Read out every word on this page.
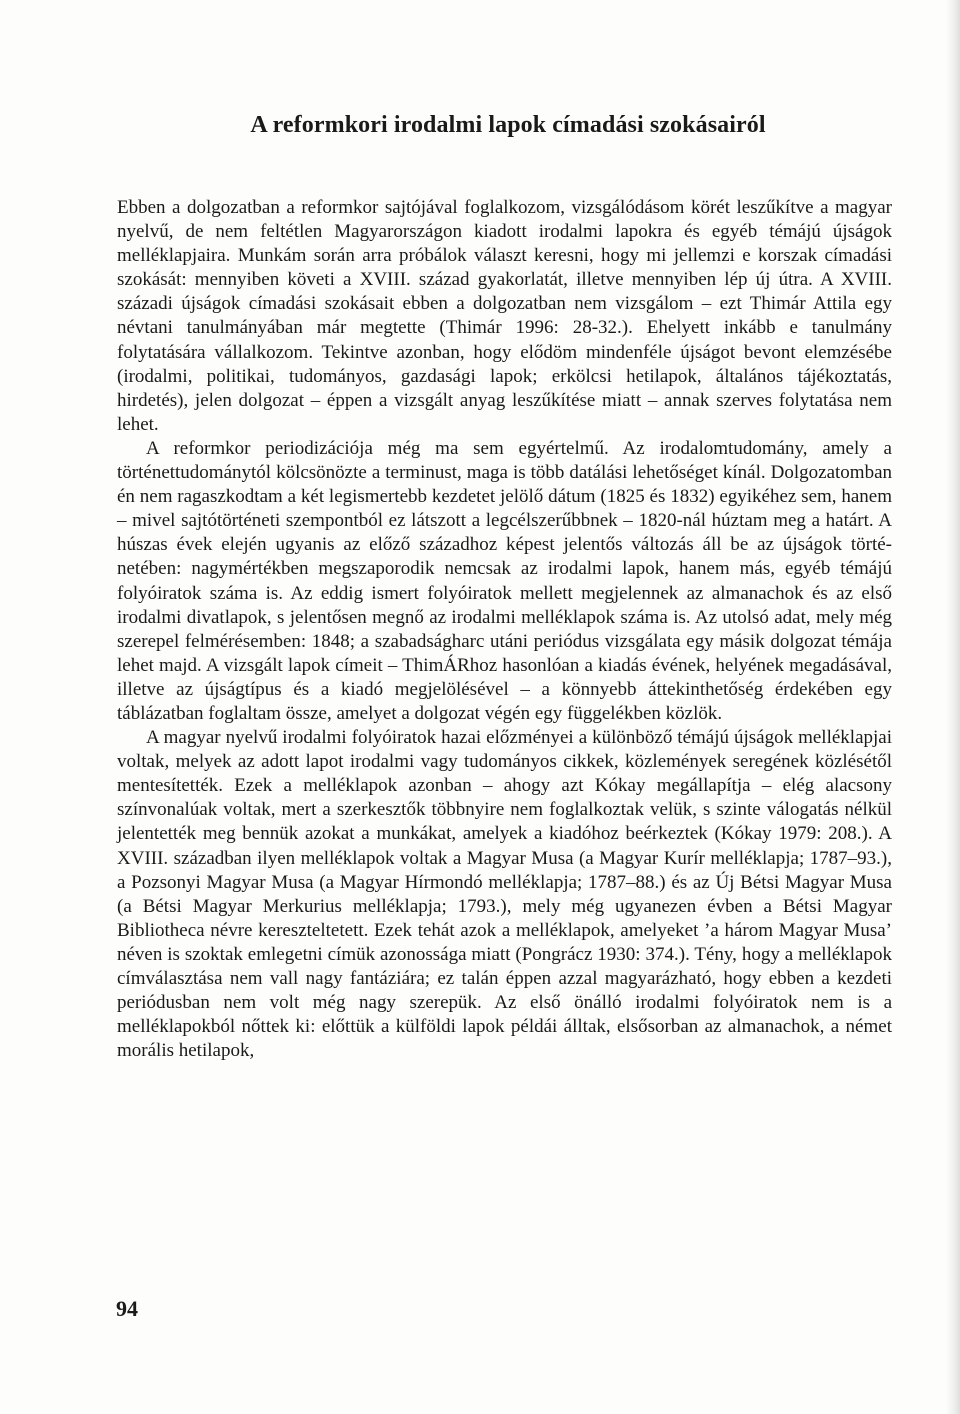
A reformkori irodalmi lapok címadási szokásairól

Ebben a dolgozatban a reformkor sajtójával foglalkozom, vizsgálódásom körét leszűkítve a magyar nyelvű, de nem feltétlen Magyarországon kiadott irodalmi lapokra és egyéb témájú újságok melléklapjaira. Munkám során arra próbálok választ keresni, hogy mi jellemzi e korszak címadási szokását: mennyiben követi a XVIII. század gyakorlatát, illetve mennyiben lép új útra. A XVIII. századi újságok címadási szokásait ebben a dolgozatban nem vizsgálom – ezt Thimár Attila egy névtani tanulmányában már megtette (Thimár 1996: 28-32.). Ehelyett inkább e tanulmány folytatására vállalkozom. Tekintve azonban, hogy elődöm mindenféle újságot bevont elemzésébe (irodalmi, politikai, tudományos, gazdasági lapok; erkölcsi hetilapok, általános tájékoztatás, hirdetés), jelen dolgozat – éppen a vizsgált anyag leszűkítése miatt – annak szerves folytatása nem lehet.

A reformkor periodizációja még ma sem egyértelmű. Az irodalomtudomány, amely a történettudománytól kölcsönözte a terminust, maga is több datálási lehetőséget kínál. Dolgozatomban én nem ragaszkodtam a két legismertebb kezdetet jelölő dátum (1825 és 1832) egyikéhez sem, hanem – mivel sajtótörténeti szempontból ez látszott a legcélszerűbbnek – 1820-nál húztam meg a határt. A húszas évek elején ugyanis az előző századhoz képest jelentős változás áll be az újságok történetében: nagymértékben megszaporodik nemcsak az irodalmi lapok, hanem más, egyéb témájú folyóiratok száma is. Az eddig ismert folyóiratok mellett megjelennek az almanachok és az első irodalmi divatlapok, s jelentősen megnő az irodalmi melléklapok száma is. Az utolsó adat, mely még szerepel felmérésemben: 1848; a szabadságharc utáni periódus vizsgálata egy másik dolgozat témája lehet majd. A vizsgált lapok címeit – ThimÁRhoz hasonlóan a kiadás évének, helyének megadásával, illetve az újságtípus és a kiadó megjelölésével – a könnyebb áttekinthetőség érdekében egy táblázatban foglaltam össze, amelyet a dolgozat végén egy függelékben közlök.

A magyar nyelvű irodalmi folyóiratok hazai előzményei a különböző témájú újságok melléklapjai voltak, melyek az adott lapot irodalmi vagy tudományos cikkek, közlemények seregének közlésétől mentesítették. Ezek a melléklapok azonban – ahogy azt Kókay megállapítja – elég alacsony színvonalúak voltak, mert a szerkesztők többnyire nem foglalkoztak velük, s szinte válogatás nélkül jelentették meg bennük azokat a munkákat, amelyek a kiadóhoz beérkeztek (Kókay 1979: 208.). A XVIII. században ilyen melléklapok voltak a Magyar Musa (a Magyar Kurír melléklapja; 1787–93.), a Pozsonyi Magyar Musa (a Magyar Hírmondó melléklapja; 1787–88.) és az Új Bétsi Magyar Musa (a Bétsi Magyar Merkurius melléklapja; 1793.), mely még ugyanezen évben a Bétsi Magyar Bibliotheca névre kereszteltetett. Ezek tehát azok a melléklapok, amelyeket ’a három Magyar Musa’ néven is szoktak emlegetni címük azonossága miatt (Pongrácz 1930: 374.). Tény, hogy a melléklapok címválasztása nem vall nagy fantáziára; ez talán éppen azzal magyarázható, hogy ebben a kezdeti periódusban nem volt még nagy szerepük. Az első önálló irodalmi folyóiratok nem is a melléklapokból nőttek ki: előttük a külföldi lapok példái álltak, elsősorban az almanachok, a német morális hetilapok,

94
